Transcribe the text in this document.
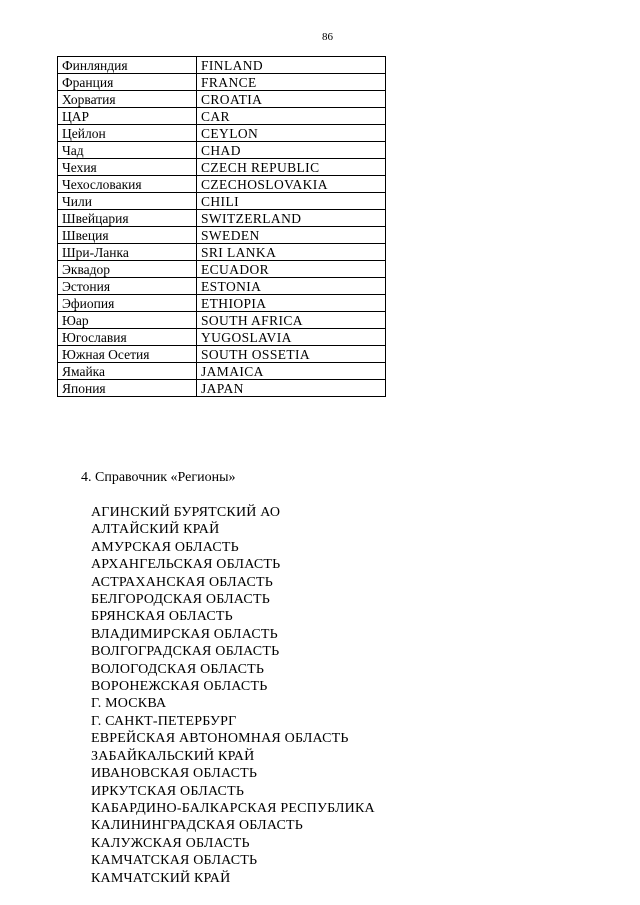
86
Финляндия	FINLAND
Франция	FRANCE
Хорватия	CROATIA
ЦАР	CAR
Цейлон	CEYLON
Чад	CHAD
Чехия	CZECH REPUBLIC
Чехословакия	CZECHOSLOVAKIA
Чили	CHILI
Швейцария	SWITZERLAND
Швеция	SWEDEN
Шри-Ланка	SRI LANKA
Эквадор	ECUADOR
Эстония	ESTONIA
Эфиопия	ETHIOPIA
Юар	SOUTH AFRICA
Югославия	YUGOSLAVIA
Южная Осетия	SOUTH OSSETIA
Ямайка	JAMAICA
Япония	JAPAN
4. Справочник «Регионы»
АГИНСКИЙ БУРЯТСКИЙ АО
АЛТАЙСКИЙ КРАЙ
АМУРСКАЯ ОБЛАСТЬ
АРХАНГЕЛЬСКАЯ ОБЛАСТЬ
АСТРАХАНСКАЯ ОБЛАСТЬ
БЕЛГОРОДСКАЯ ОБЛАСТЬ
БРЯНСКАЯ ОБЛАСТЬ
ВЛАДИМИРСКАЯ ОБЛАСТЬ
ВОЛГОГРАДСКАЯ ОБЛАСТЬ
ВОЛОГОДСКАЯ ОБЛАСТЬ
ВОРОНЕЖСКАЯ ОБЛАСТЬ
Г. МОСКВА
Г. САНКТ-ПЕТЕРБУРГ
ЕВРЕЙСКАЯ АВТОНОМНАЯ ОБЛАСТЬ
ЗАБАЙКАЛЬСКИЙ КРАЙ
ИВАНОВСКАЯ ОБЛАСТЬ
ИРКУТСКАЯ ОБЛАСТЬ
КАБАРДИНО-БАЛКАРСКАЯ РЕСПУБЛИКА
КАЛИНИНГРАДСКАЯ ОБЛАСТЬ
КАЛУЖСКАЯ ОБЛАСТЬ
КАМЧАТСКАЯ ОБЛАСТЬ
КАМЧАТСКИЙ КРАЙ
